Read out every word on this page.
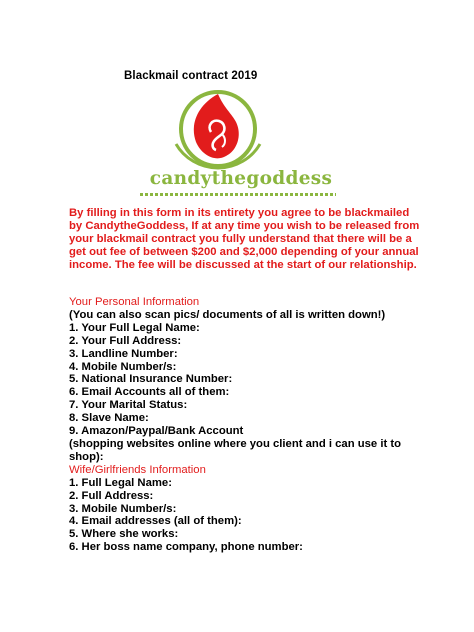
Blackmail contract 2019
candythegoddess
By filling in this form in its entirety you agree to be blackmailed by CandytheGoddess, If at any time you wish to be released from your blackmail contract you fully understand that there will be a get out fee of between $200 and $2,000 depending of your annual income. The fee will be discussed at the start of our relationship.
Your Personal Information
(You can also scan pics/ documents of all is written down!)
1. Your Full Legal Name:
2. Your Full Address:
3. Landline Number:
4. Mobile Number/s:
5. National Insurance Number:
6. Email Accounts all of them:
7. Your Marital Status:
8. Slave Name:
9. Amazon/Paypal/Bank Account
(shopping websites online where you client and i can use it to shop):
Wife/Girlfriends Information
1. Full Legal Name:
2. Full Address:
3. Mobile Number/s:
4. Email addresses (all of them):
5. Where she works:
6. Her boss name company, phone number:
